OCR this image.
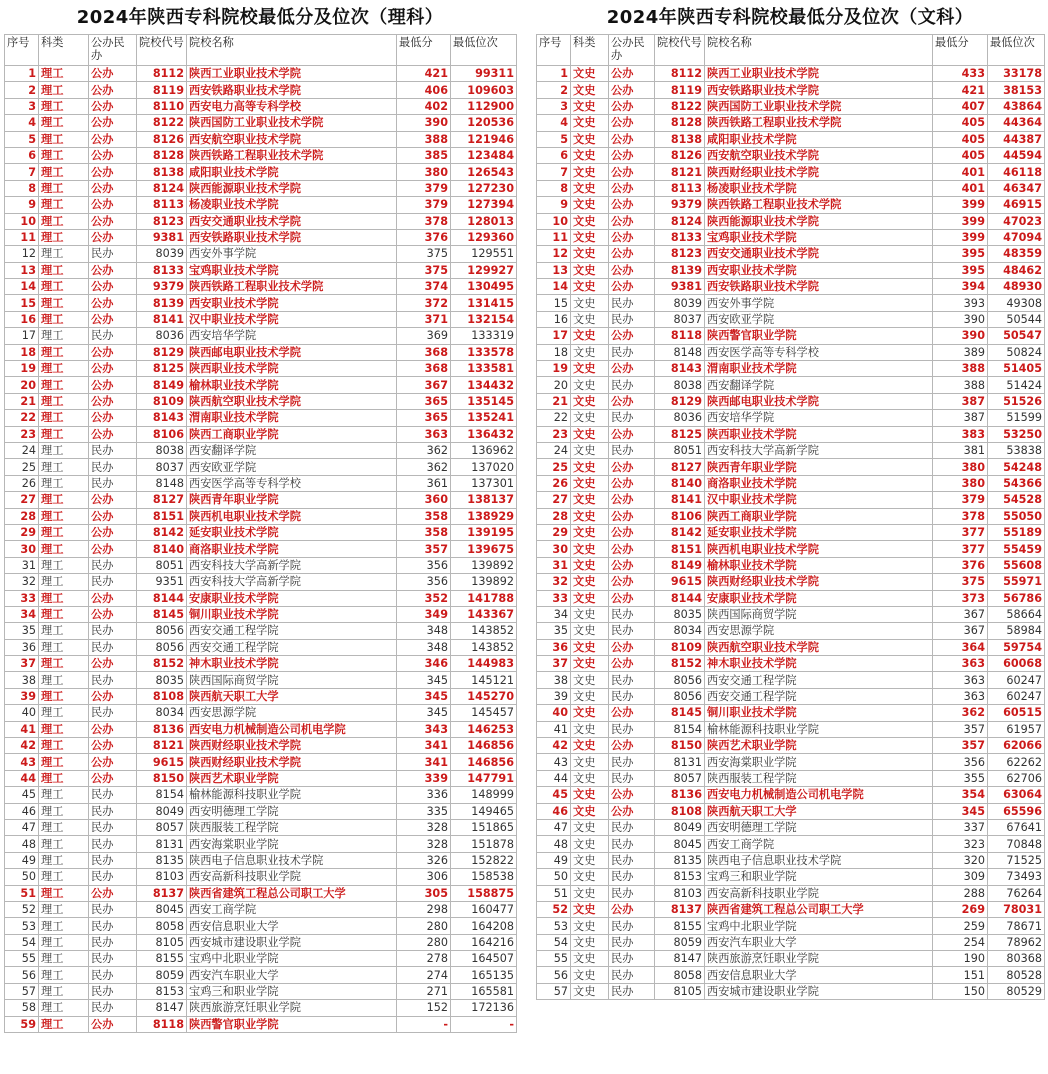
2024年陕西专科院校最低分及位次（理科）
序号	科类	公办民办	院校代号	院校名称	最低分	最低位次
1	理工	公办	8112	陕西工业职业技术学院	421	99311
2	理工	公办	8119	西安铁路职业技术学院	406	109603
3	理工	公办	8110	西安电力高等专科学校	402	112900
4	理工	公办	8122	陕西国防工业职业技术学院	390	120536
5	理工	公办	8126	西安航空职业技术学院	388	121946
6	理工	公办	8128	陕西铁路工程职业技术学院	385	123484
7	理工	公办	8138	咸阳职业技术学院	380	126543
8	理工	公办	8124	陕西能源职业技术学院	379	127230
9	理工	公办	8113	杨凌职业技术学院	379	127394
10	理工	公办	8123	西安交通职业技术学院	378	128013
11	理工	公办	9381	西安铁路职业技术学院	376	129360
12	理工	民办	8039	西安外事学院	375	129551
13	理工	公办	8133	宝鸡职业技术学院	375	129927
14	理工	公办	9379	陕西铁路工程职业技术学院	374	130495
15	理工	公办	8139	西安职业技术学院	372	131415
16	理工	公办	8141	汉中职业技术学院	371	132154
17	理工	民办	8036	西安培华学院	369	133319
18	理工	公办	8129	陕西邮电职业技术学院	368	133578
19	理工	公办	8125	陕西职业技术学院	368	133581
20	理工	公办	8149	榆林职业技术学院	367	134432
21	理工	公办	8109	陕西航空职业技术学院	365	135145
22	理工	公办	8143	渭南职业技术学院	365	135241
23	理工	公办	8106	陕西工商职业学院	363	136432
24	理工	民办	8038	西安翻译学院	362	136962
25	理工	民办	8037	西安欧亚学院	362	137020
26	理工	民办	8148	西安医学高等专科学校	361	137301
27	理工	公办	8127	陕西青年职业学院	360	138137
28	理工	公办	8151	陕西机电职业技术学院	358	138929
29	理工	公办	8142	延安职业技术学院	358	139195
30	理工	公办	8140	商洛职业技术学院	357	139675
31	理工	民办	8051	西安科技大学高新学院	356	139892
32	理工	民办	9351	西安科技大学高新学院	356	139892
33	理工	公办	8144	安康职业技术学院	352	141788
34	理工	公办	8145	铜川职业技术学院	349	143367
35	理工	民办	8056	西安交通工程学院	348	143852
36	理工	民办	8056	西安交通工程学院	348	143852
37	理工	公办	8152	神木职业技术学院	346	144983
38	理工	民办	8035	陕西国际商贸学院	345	145121
39	理工	公办	8108	陕西航天职工大学	345	145270
40	理工	民办	8034	西安思源学院	345	145457
41	理工	公办	8136	西安电力机械制造公司机电学院	343	146253
42	理工	公办	8121	陕西财经职业技术学院	341	146856
43	理工	公办	9615	陕西财经职业技术学院	341	146856
44	理工	公办	8150	陕西艺术职业学院	339	147791
45	理工	民办	8154	榆林能源科技职业学院	336	148999
46	理工	民办	8049	西安明德理工学院	335	149465
47	理工	民办	8057	陕西服装工程学院	328	151865
48	理工	民办	8131	西安海棠职业学院	328	151878
49	理工	民办	8135	陕西电子信息职业技术学院	326	152822
50	理工	民办	8103	西安高新科技职业学院	306	158538
51	理工	公办	8137	陕西省建筑工程总公司职工大学	305	158875
52	理工	民办	8045	西安工商学院	298	160477
53	理工	民办	8058	西安信息职业大学	280	164208
54	理工	民办	8105	西安城市建设职业学院	280	164216
55	理工	民办	8155	宝鸡中北职业学院	278	164507
56	理工	民办	8059	西安汽车职业大学	274	165135
57	理工	民办	8153	宝鸡三和职业学院	271	165581
58	理工	民办	8147	陕西旅游烹饪职业学院	152	172136
59	理工	公办	8118	陕西警官职业学院	-	-
2024年陕西专科院校最低分及位次（文科）
序号	科类	公办民办	院校代号	院校名称	最低分	最低位次
1	文史	公办	8112	陕西工业职业技术学院	433	33178
2	文史	公办	8119	西安铁路职业技术学院	421	38153
3	文史	公办	8122	陕西国防工业职业技术学院	407	43864
4	文史	公办	8128	陕西铁路工程职业技术学院	405	44364
5	文史	公办	8138	咸阳职业技术学院	405	44387
6	文史	公办	8126	西安航空职业技术学院	405	44594
7	文史	公办	8121	陕西财经职业技术学院	401	46118
8	文史	公办	8113	杨凌职业技术学院	401	46347
9	文史	公办	9379	陕西铁路工程职业技术学院	399	46915
10	文史	公办	8124	陕西能源职业技术学院	399	47023
11	文史	公办	8133	宝鸡职业技术学院	399	47094
12	文史	公办	8123	西安交通职业技术学院	395	48359
13	文史	公办	8139	西安职业技术学院	395	48462
14	文史	公办	9381	西安铁路职业技术学院	394	48930
15	文史	民办	8039	西安外事学院	393	49308
16	文史	民办	8037	西安欧亚学院	390	50544
17	文史	公办	8118	陕西警官职业学院	390	50547
18	文史	民办	8148	西安医学高等专科学校	389	50824
19	文史	公办	8143	渭南职业技术学院	388	51405
20	文史	民办	8038	西安翻译学院	388	51424
21	文史	公办	8129	陕西邮电职业技术学院	387	51526
22	文史	民办	8036	西安培华学院	387	51599
23	文史	公办	8125	陕西职业技术学院	383	53250
24	文史	民办	8051	西安科技大学高新学院	381	53838
25	文史	公办	8127	陕西青年职业学院	380	54248
26	文史	公办	8140	商洛职业技术学院	380	54366
27	文史	公办	8141	汉中职业技术学院	379	54528
28	文史	公办	8106	陕西工商职业学院	378	55050
29	文史	公办	8142	延安职业技术学院	377	55189
30	文史	公办	8151	陕西机电职业技术学院	377	55459
31	文史	公办	8149	榆林职业技术学院	376	55608
32	文史	公办	9615	陕西财经职业技术学院	375	55971
33	文史	公办	8144	安康职业技术学院	373	56786
34	文史	民办	8035	陕西国际商贸学院	367	58664
35	文史	民办	8034	西安思源学院	367	58984
36	文史	公办	8109	陕西航空职业技术学院	364	59754
37	文史	公办	8152	神木职业技术学院	363	60068
38	文史	民办	8056	西安交通工程学院	363	60247
39	文史	民办	8056	西安交通工程学院	363	60247
40	文史	公办	8145	铜川职业技术学院	362	60515
41	文史	民办	8154	榆林能源科技职业学院	357	61957
42	文史	公办	8150	陕西艺术职业学院	357	62066
43	文史	民办	8131	西安海棠职业学院	356	62262
44	文史	民办	8057	陕西服装工程学院	355	62706
45	文史	公办	8136	西安电力机械制造公司机电学院	354	63064
46	文史	公办	8108	陕西航天职工大学	345	65596
47	文史	民办	8049	西安明德理工学院	337	67641
48	文史	民办	8045	西安工商学院	323	70848
49	文史	民办	8135	陕西电子信息职业技术学院	320	71525
50	文史	民办	8153	宝鸡三和职业学院	309	73493
51	文史	民办	8103	西安高新科技职业学院	288	76264
52	文史	公办	8137	陕西省建筑工程总公司职工大学	269	78031
53	文史	民办	8155	宝鸡中北职业学院	259	78671
54	文史	民办	8059	西安汽车职业大学	254	78962
55	文史	民办	8147	陕西旅游烹饪职业学院	190	80368
56	文史	民办	8058	西安信息职业大学	151	80528
57	文史	民办	8105	西安城市建设职业学院	150	80529
